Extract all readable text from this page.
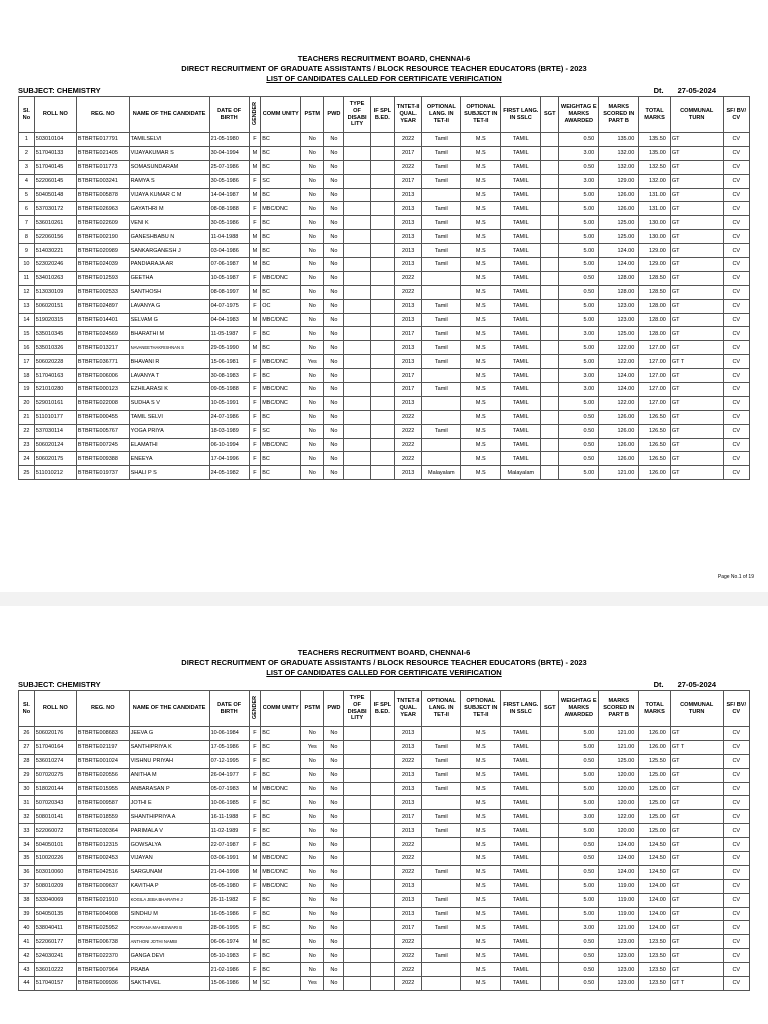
TEACHERS RECRUITMENT BOARD, CHENNAI-6
DIRECT RECRUITMENT OF GRADUATE ASSISTANTS / BLOCK RESOURCE TEACHER EDUCATORS (BRTE) - 2023
LIST OF CANDIDATES CALLED FOR CERTIFICATE VERIFICATION
SUBJECT: CHEMISTRY	Dt. 27-05-2024
Sl. No	ROLL NO	REG. NO	NAME OF THE CANDIDATE	DATE OF BIRTH	GENDER	COMM UNITY	PSTM	PWD	TYPE OF DISABI LITY	IF SPL B.ED.	TNTET-II QUAL. YEAR	OPTIONAL LANG. IN TET-II	OPTIONAL SUBJECT IN TET-II	FIRST LANG. IN SSLC	SGT	WEIGHTAG E MARKS AWARDED	MARKS SCORED IN PART B	TOTAL MARKS	COMMUNAL TURN	SF/ BV/ CV
1	503010104	BTBRTE017791	TAMILSELVI	21-05-1980	F	BC	No	No			2022	Tamil	M.S	TAMIL		0.50	135.00	135.50	GT	CV
2	517040133	BTBRTE021405	VIJAYAKUMAR S	30-04-1994	M	BC	No	No			2017	Tamil	M.S	TAMIL		3.00	132.00	135.00	GT	CV
3	517040145	BTBRTE011773	SOMASUNDARAM	25-07-1986	M	BC	No	No			2022	Tamil	M.S	TAMIL		0.50	132.00	132.50	GT	CV
4	522060145	BTBRTE003241	RAMYA S	30-05-1986	F	SC	No	No			2017	Tamil	M.S	TAMIL		3.00	129.00	132.00	GT	CV
5	504050148	BTBRTE005878	VIJAYA KUMAR C M	14-04-1987	M	BC	No	No			2013		M.S	TAMIL		5.00	126.00	131.00	GT	CV
6	537030172	BTBRTE026963	GAYATHRI M	08-08-1988	F	MBC/DNC	No	No			2013	Tamil	M.S	TAMIL		5.00	126.00	131.00	GT	CV
7	536010261	BTBRTE022609	VENI K	30-05-1986	F	BC	No	No			2013	Tamil	M.S	TAMIL		5.00	125.00	130.00	GT	CV
8	522060156	BTBRTE002190	GANESHBABU N	11-04-1988	M	BC	No	No			2013	Tamil	M.S	TAMIL		5.00	125.00	130.00	GT	CV
9	514030221	BTBRTE020989	SANKARGANESH J	03-04-1986	M	BC	No	No			2013	Tamil	M.S	TAMIL		5.00	124.00	129.00	GT	CV
10	523020246	BTBRTE024039	PANDIARAJA AR	07-06-1987	M	BC	No	No			2013	Tamil	M.S	TAMIL		5.00	124.00	129.00	GT	CV
11	534010263	BTBRTE012593	GEETHA	10-05-1987	F	MBC/DNC	No	No			2022		M.S	TAMIL		0.50	128.00	128.50	GT	CV
12	513030109	BTBRTE002533	SANTHOSH	08-08-1997	M	BC	No	No			2022		M.S	TAMIL		0.50	128.00	128.50	GT	CV
13	506020151	BTBRTE024897	LAVANYA G	04-07-1975	F	OC	No	No			2013	Tamil	M.S	TAMIL		5.00	123.00	128.00	GT	CV
14	519020315	BTBRTE014401	SELVAM G	04-04-1983	M	MBC/DNC	No	No			2013	Tamil	M.S	TAMIL		5.00	123.00	128.00	GT	CV
15	535010345	BTBRTE024569	BHARATHI M	11-05-1987	F	BC	No	No			2017	Tamil	M.S	TAMIL		3.00	125.00	128.00	GT	CV
16	535010326	BTBRTE013217	NAVANEETHAKRISHNAN S	29-05-1990	M	BC	No	No			2013	Tamil	M.S	TAMIL		5.00	122.00	127.00	GT	CV
17	506020228	BTBRTE036771	BHAVANI R	15-06-1981	F	MBC/DNC	Yes	No			2013	Tamil	M.S	TAMIL		5.00	122.00	127.00	GT T	CV
18	517040163	BTBRTE006006	LAVANYA T	30-08-1983	F	BC	No	No			2017		M.S	TAMIL		3.00	124.00	127.00	GT	CV
19	521010280	BTBRTE000123	EZHILARASI K	09-05-1988	F	MBC/DNC	No	No			2017	Tamil	M.S	TAMIL		3.00	124.00	127.00	GT	CV
20	529010161	BTBRTE022008	SUDHA S V	10-05-1991	F	MBC/DNC	No	No			2013		M.S	TAMIL		5.00	122.00	127.00	GT	CV
21	511010177	BTBRTE000455	TAMIL SELVI	24-07-1986	F	BC	No	No			2022		M.S	TAMIL		0.50	126.00	126.50	GT	CV
22	537030114	BTBRTE005767	YOGA PRIYA	18-03-1989	F	SC	No	No			2022	Tamil	M.S	TAMIL		0.50	126.00	126.50	GT	CV
23	506020124	BTBRTE007245	ELAMATHI	06-10-1994	F	MBC/DNC	No	No			2022		M.S	TAMIL		0.50	126.00	126.50	GT	CV
24	506020175	BTBRTE009388	ENEEYA	17-04-1996	F	BC	No	No			2022		M.S	TAMIL		0.50	126.00	126.50	GT	CV
25	511010212	BTBRTE019737	SHALI P S	24-05-1982	F	BC	No	No			2013	Malayalam	M.S	Malayalam		5.00	121.00	126.00	GT	CV
Page No.1 of 19
TEACHERS RECRUITMENT BOARD, CHENNAI-6
DIRECT RECRUITMENT OF GRADUATE ASSISTANTS / BLOCK RESOURCE TEACHER EDUCATORS (BRTE) - 2023
LIST OF CANDIDATES CALLED FOR CERTIFICATE VERIFICATION
SUBJECT: CHEMISTRY	Dt. 27-05-2024
Sl. No	ROLL NO	REG. NO	NAME OF THE CANDIDATE	DATE OF BIRTH	GENDER	COMM UNITY	PSTM	PWD	TYPE OF DISABI LITY	IF SPL B.ED.	TNTET-II QUAL. YEAR	OPTIONAL LANG. IN TET-II	OPTIONAL SUBJECT IN TET-II	FIRST LANG. IN SSLC	SGT	WEIGHTAG E MARKS AWARDED	MARKS SCORED IN PART B	TOTAL MARKS	COMMUNAL TURN	SF/ BV/ CV
26	506020176	BTBRTE008683	JEEVA G	10-06-1984	F	BC	No	No			2013		M.S	TAMIL		5.00	121.00	126.00	GT	CV
27	517040164	BTBRTE021197	SANTHIPRIYA K	17-05-1986	F	BC	Yes	No			2013	Tamil	M.S	TAMIL		5.00	121.00	126.00	GT T	CV
28	536010274	BTBRTE001024	VISHNU PRIYAH	07-12-1995	F	BC	No	No			2022	Tamil	M.S	TAMIL		0.50	125.00	125.50	GT	CV
29	507020275	BTBRTE020556	ANITHA M	26-04-1977	F	BC	No	No			2013	Tamil	M.S	TAMIL		5.00	120.00	125.00	GT	CV
30	518020144	BTBRTE015955	ANBARASAN P	05-07-1983	M	MBC/DNC	No	No			2013	Tamil	M.S	TAMIL		5.00	120.00	125.00	GT	CV
31	507020343	BTBRTE009587	JOTHI E	10-06-1985	F	BC	No	No			2013		M.S	TAMIL		5.00	120.00	125.00	GT	CV
32	508010141	BTBRTE018559	SHANTHIPRIYA A	16-11-1988	F	BC	No	No			2017	Tamil	M.S	TAMIL		3.00	122.00	125.00	GT	CV
33	522060072	BTBRTE030364	PARIMALA V	11-02-1989	F	BC	No	No			2013	Tamil	M.S	TAMIL		5.00	120.00	125.00	GT	CV
34	504050101	BTBRTE012315	GOWSALYA	22-07-1987	F	BC	No	No			2022		M.S	TAMIL		0.50	124.00	124.50	GT	CV
35	510020226	BTBRTE002453	VIJAYAN	03-06-1991	M	MBC/DNC	No	No			2022		M.S	TAMIL		0.50	124.00	124.50	GT	CV
36	503010060	BTBRTE042516	SARGUNAM	21-04-1998	M	MBC/DNC	No	No			2022	Tamil	M.S	TAMIL		0.50	124.00	124.50	GT	CV
37	508010209	BTBRTE009637	KAVITHA P	05-05-1980	F	MBC/DNC	No	No			2013		M.S	TAMIL		5.00	119.00	124.00	GT	CV
38	533040069	BTBRTE021910	KOGILA JEBA BHARATHI J	26-11-1982	F	BC	No	No			2013	Tamil	M.S	TAMIL		5.00	119.00	124.00	GT	CV
39	504050135	BTBRTE004908	SINDHU M	16-05-1986	F	BC	No	No			2013	Tamil	M.S	TAMIL		5.00	119.00	124.00	GT	CV
40	538040411	BTBRTE025952	POORANA MAHESWARI B	28-06-1995	F	BC	No	No			2017	Tamil	M.S	TAMIL		3.00	121.00	124.00	GT	CV
41	522060177	BTBRTE006738	ANTHONI JOTHI NAMBI	06-06-1974	M	BC	No	No			2022		M.S	TAMIL		0.50	123.00	123.50	GT	CV
42	524030241	BTBRTE022370	GANGA DEVI	05-10-1983	F	BC	No	No			2022	Tamil	M.S	TAMIL		0.50	123.00	123.50	GT	CV
43	536010222	BTBRTE007964	PRABA	21-02-1986	F	BC	No	No			2022		M.S	TAMIL		0.50	123.00	123.50	GT	CV
44	517040157	BTBRTE009936	SAKTHIVEL	15-06-1986	M	SC	Yes	No			2022		M.S	TAMIL		0.50	123.00	123.50	GT T	CV
